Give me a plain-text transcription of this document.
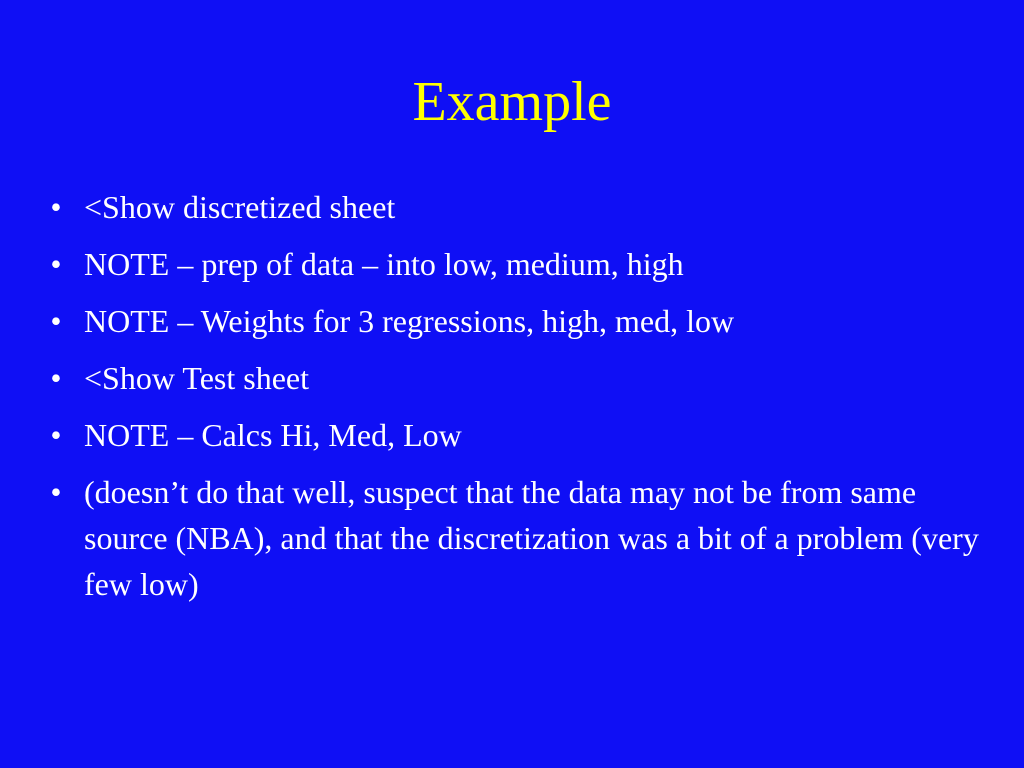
Example
• <Show discretized sheet
• NOTE – prep of data – into low, medium, high
• NOTE – Weights for 3 regressions, high, med, low
• <Show Test sheet
• NOTE – Calcs Hi, Med, Low
• (doesn’t do that well, suspect that the data may not be from same source (NBA), and that the discretization was a bit of a problem (very few low)
